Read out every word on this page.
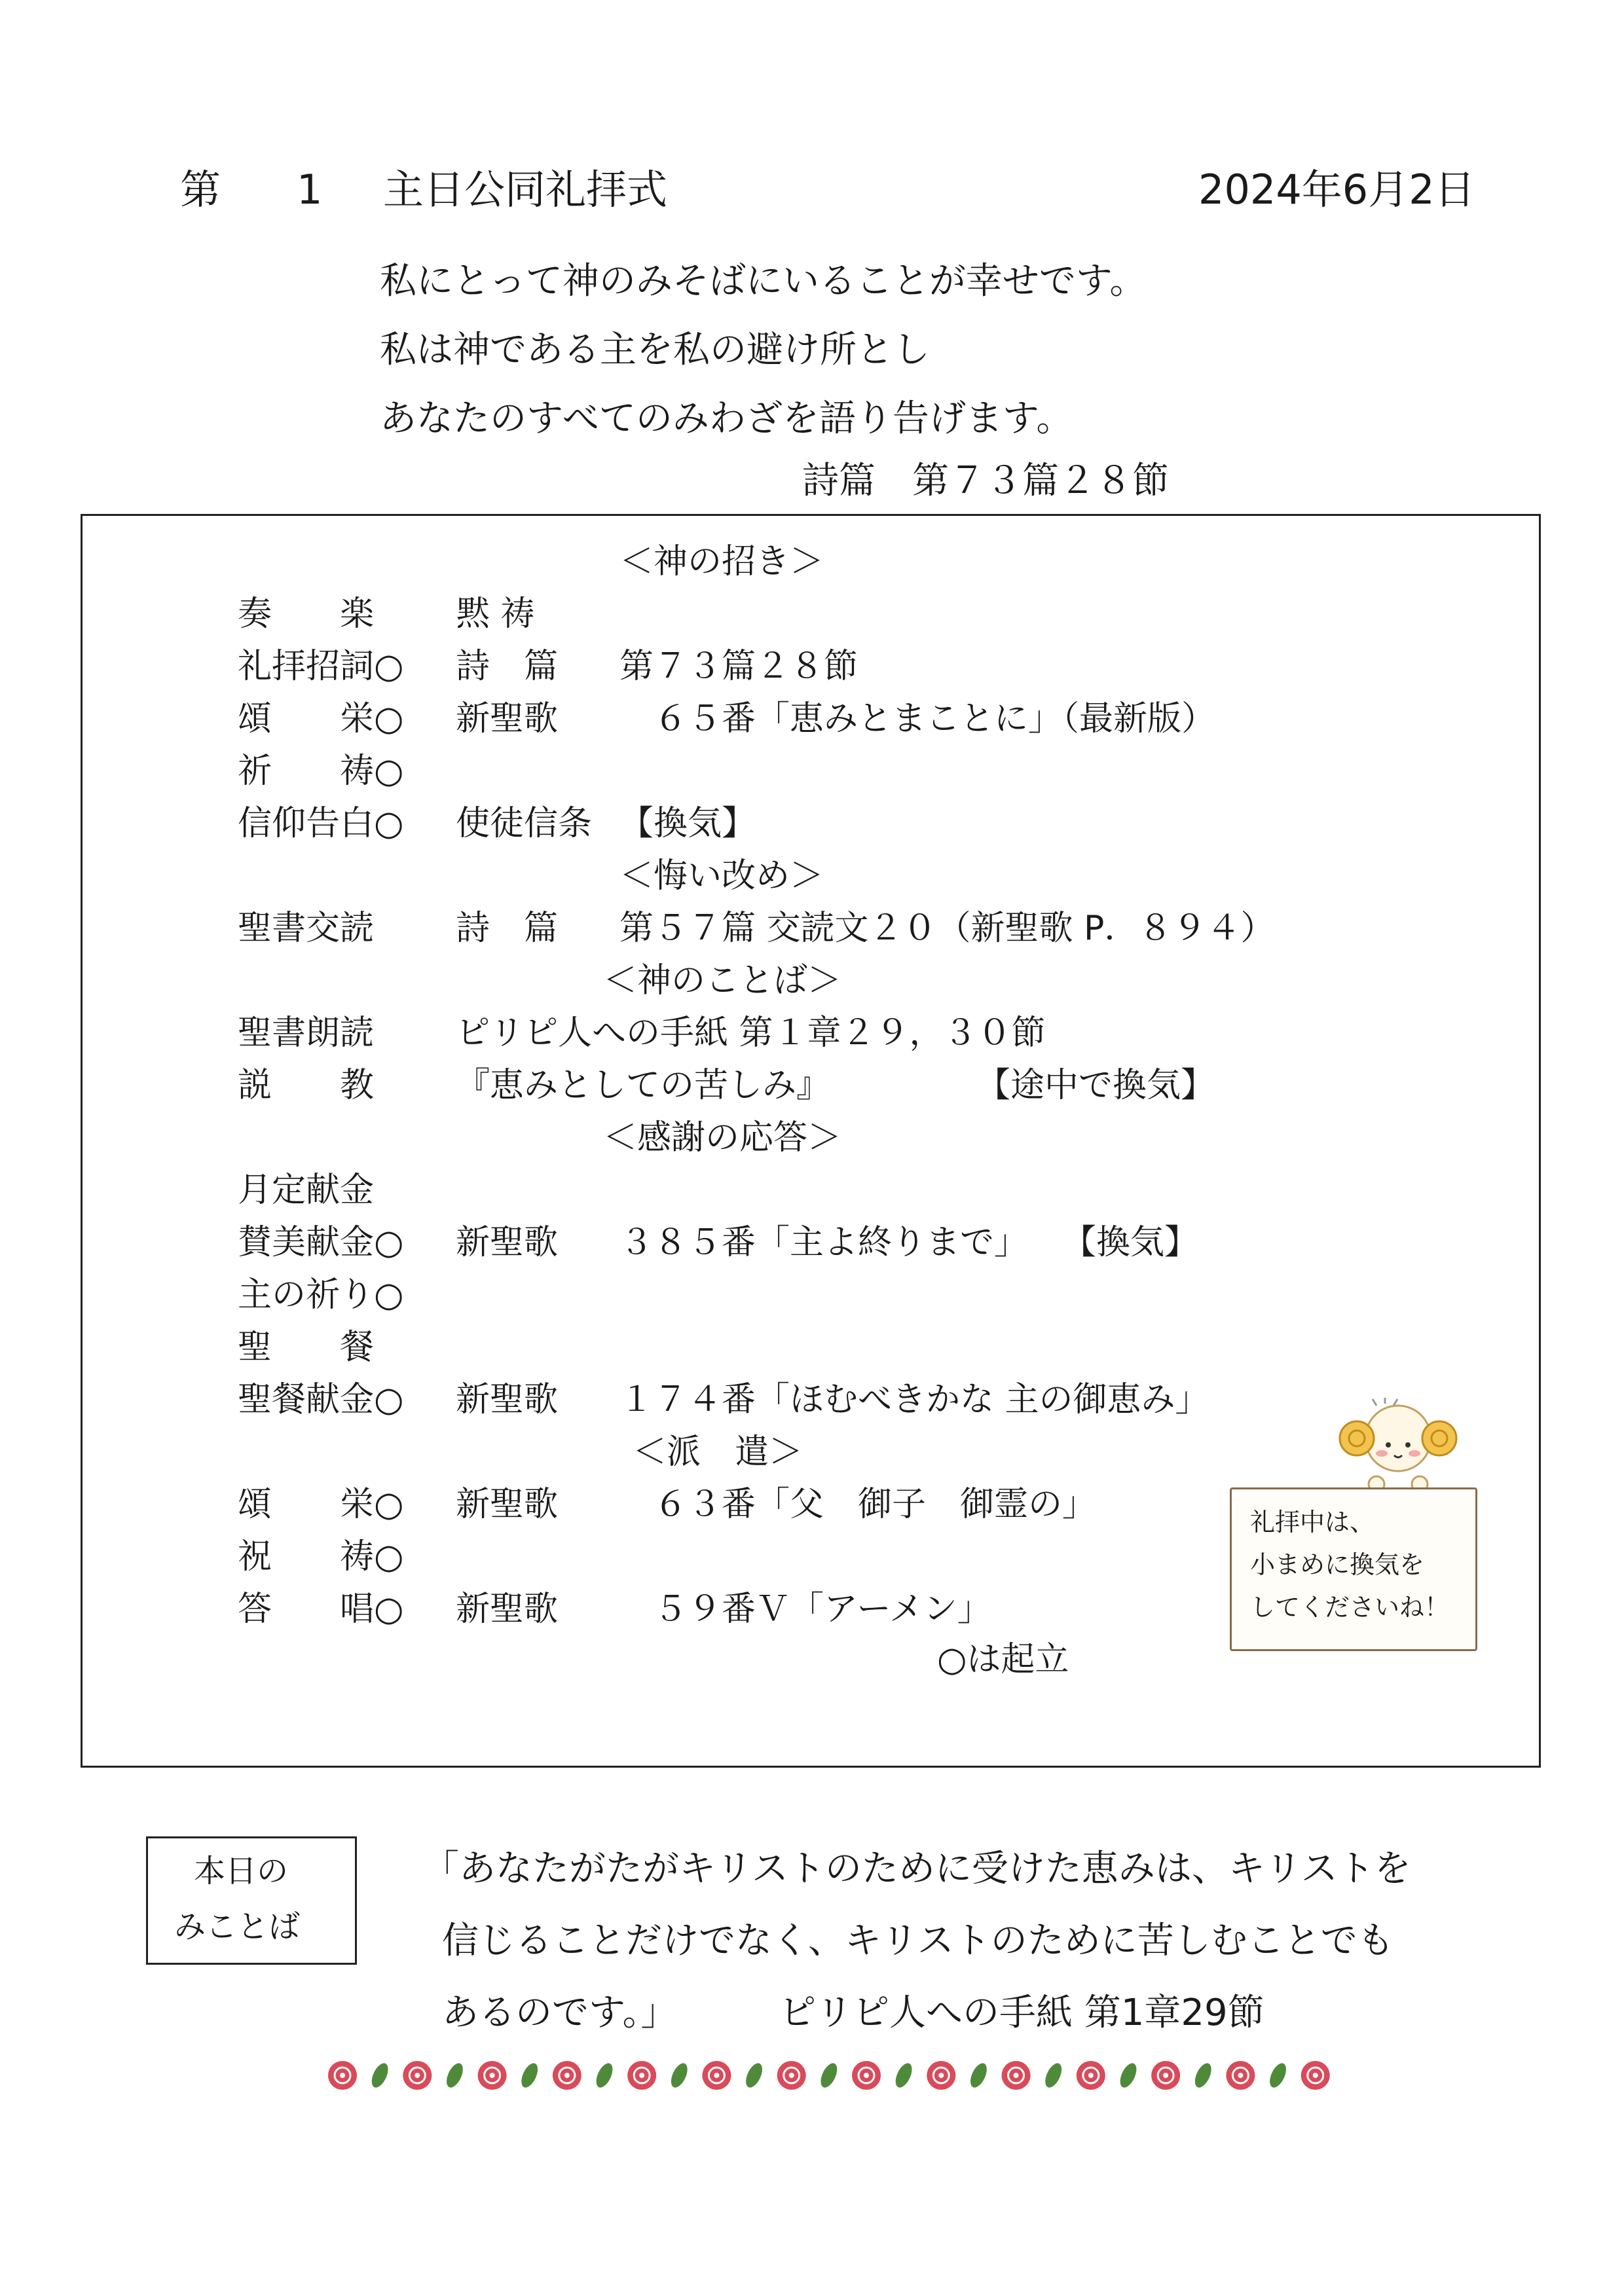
第 1 主日公同礼拝式	2024年6月2日
私にとって神のみそばにいることが幸せです。
私は神である主を私の避け所とし
あなたのすべてのみわざを語り告げます。
詩篇　第７３篇２８節
＜神の招き＞
奏　　楽 黙 祷
礼拝招詞○ 詩　篇 第７３篇２８節
頌　　栄○ 新聖歌 　６５番「恵みとまことに」（最新版）
祈　　祷○
信仰告白○ 使徒信条 【換気】
＜悔い改め＞
聖書交読 詩　篇 第５７篇 交読文２０（新聖歌 P．８９４）
＜神のことば＞
聖書朗読 ピリピ人への手紙 第１章２９，３０節
説　　教 『恵みとしての苦しみ』	【途中で換気】
＜感謝の応答＞
月定献金
賛美献金○ 新聖歌 ３８５番「主よ終りまで」　　【換気】
主の祈り○
聖　　餐
聖餐献金○ 新聖歌 １７４番「ほむべきかな 主の御恵み」
＜派　遣＞
頌　　栄○ 新聖歌 　６３番「父　御子　御霊の」
祝　　祷○
答　　唱○ 新聖歌 　５９番Ｖ「アーメン」
○は起立
礼拝中は、
小まめに換気を
してくださいね！
本日の
みことば
「あなたがたがキリストのために受けた恵みは、キリストを
信じることだけでなく、キリストのために苦しむことでも
あるのです。」	ピリピ人への手紙 第1章29節
